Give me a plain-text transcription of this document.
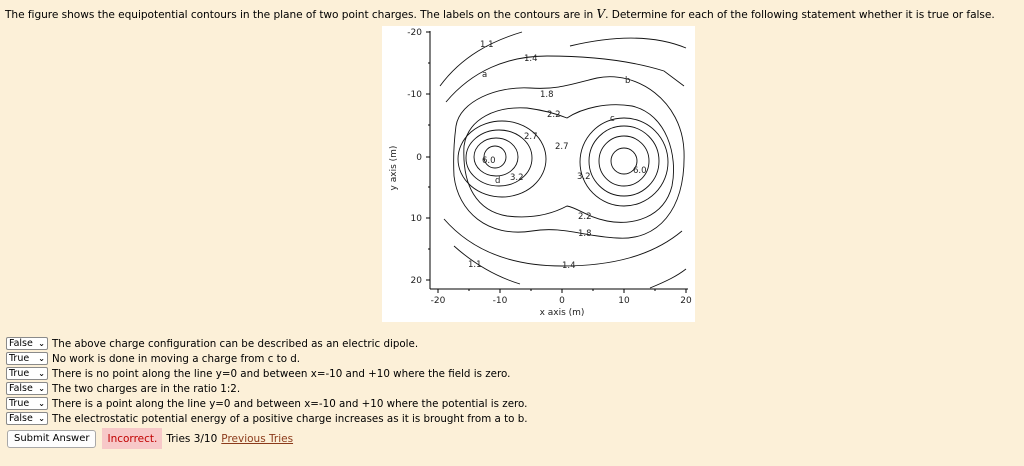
The figure shows the equipotential contours in the plane of two point charges. The labels on the contours are in V. Determine for each of the following statement whether it is true or false.
-20
-10
0
10
20
-20	-10	0	10	20
x axis (m)
y axis (m)
1.1
1.4
a
b
1.8
2.2	c
2.7
2.7
6.0
d 3.2	3.2
6.0
2.2
1.8
1.1	1.4
False ⌄ The above charge configuration can be described as an electric dipole.
True ⌄ No work is done in moving a charge from c to d.
True ⌄ There is no point along the line y=0 and between x=-10 and +10 where the field is zero.
False ⌄ The two charges are in the ratio 1:2.
True ⌄ There is a point along the line y=0 and between x=-10 and +10 where the potential is zero.
False ⌄ The electrostatic potential energy of a positive charge increases as it is brought from a to b.
Submit Answer	Incorrect. Tries 3/10 Previous Tries
